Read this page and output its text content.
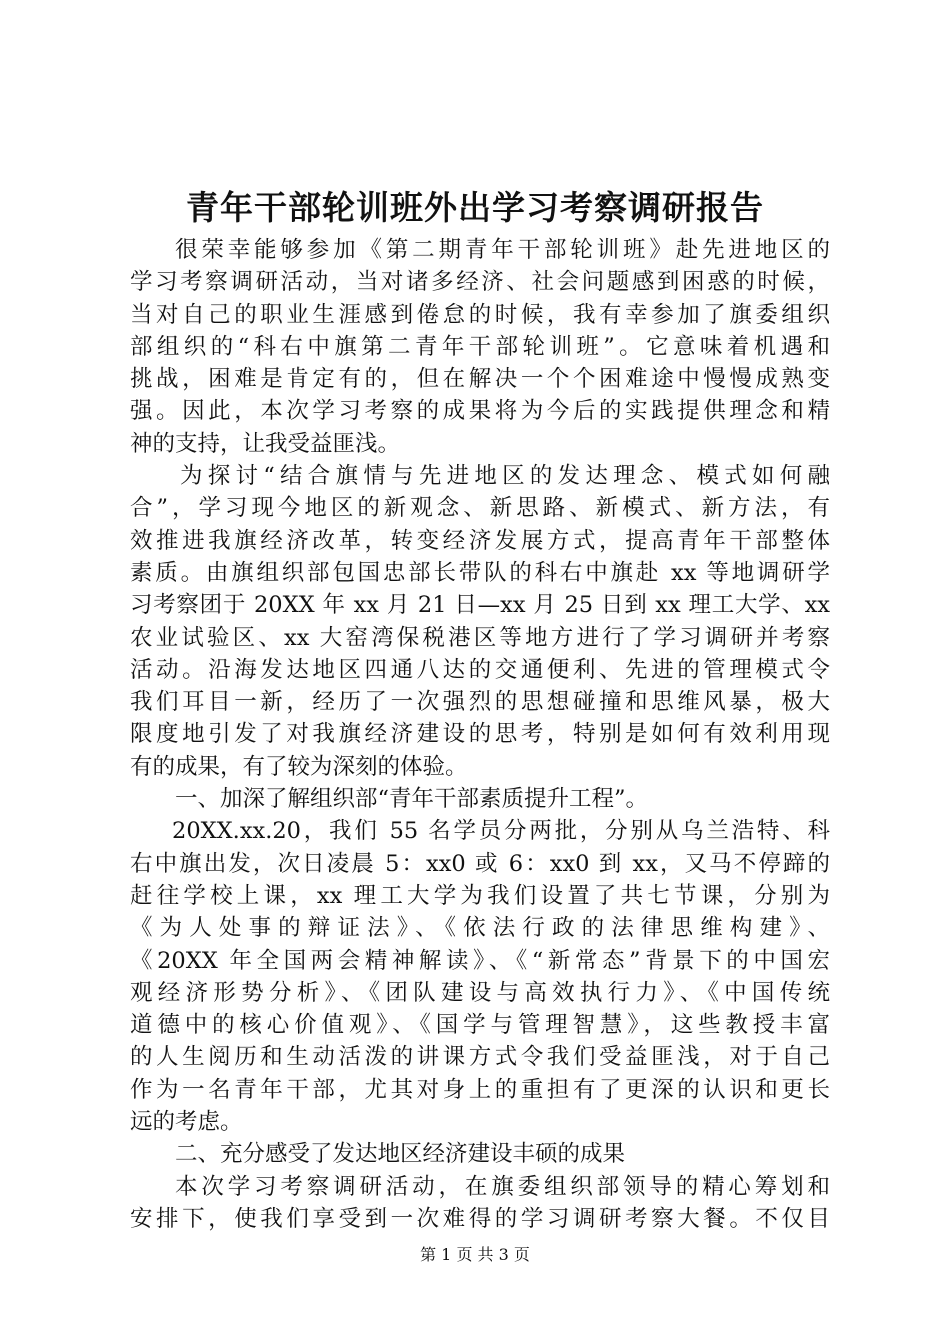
青年干部轮训班外出学习考察调研报告
很荣幸能够参加《第二期青年干部轮训班》赴先进地区的
学习考察调研活动，当对诸多经济、社会问题感到困惑的时候，
当对自己的职业生涯感到倦怠的时候，我有幸参加了旗委组织
部组织的“科右中旗第二青年干部轮训班”。它意味着机遇和
挑战，困难是肯定有的，但在解决一个个困难途中慢慢成熟变
强。因此，本次学习考察的成果将为今后的实践提供理念和精
神的支持，让我受益匪浅。
为探讨“结合旗情与先进地区的发达理念、模式如何融
合”，学习现今地区的新观念、新思路、新模式、新方法，有
效推进我旗经济改革，转变经济发展方式，提高青年干部整体
素质。由旗组织部包国忠部长带队的科右中旗赴 xx 等地调研学
习考察团于 20XX 年 xx 月 21 日—xx 月 25 日到 xx 理工大学、xx
农业试验区、xx 大窑湾保税港区等地方进行了学习调研并考察
活动。沿海发达地区四通八达的交通便利、先进的管理模式令
我们耳目一新，经历了一次强烈的思想碰撞和思维风暴，极大
限度地引发了对我旗经济建设的思考，特别是如何有效利用现
有的成果，有了较为深刻的体验。
一、加深了解组织部“青年干部素质提升工程”。
20XX.xx.20，我们 55 名学员分两批，分别从乌兰浩特、科
右中旗出发，次日凌晨 5：xx0 或 6：xx0 到 xx，又马不停蹄的
赶往学校上课，xx 理工大学为我们设置了共七节课，分别为
《为人处事的辩证法》、《依法行政的法律思维构建》、
《20XX 年全国两会精神解读》、《“新常态”背景下的中国宏
观经济形势分析》、《团队建设与高效执行力》、《中国传统
道德中的核心价值观》、《国学与管理智慧》，这些教授丰富
的人生阅历和生动活泼的讲课方式令我们受益匪浅，对于自己
作为一名青年干部，尤其对身上的重担有了更深的认识和更长
远的考虑。
二、充分感受了发达地区经济建设丰硕的成果
本次学习考察调研活动，在旗委组织部领导的精心筹划和
安排下，使我们享受到一次难得的学习调研考察大餐。不仅目
第 1 页 共 3 页
